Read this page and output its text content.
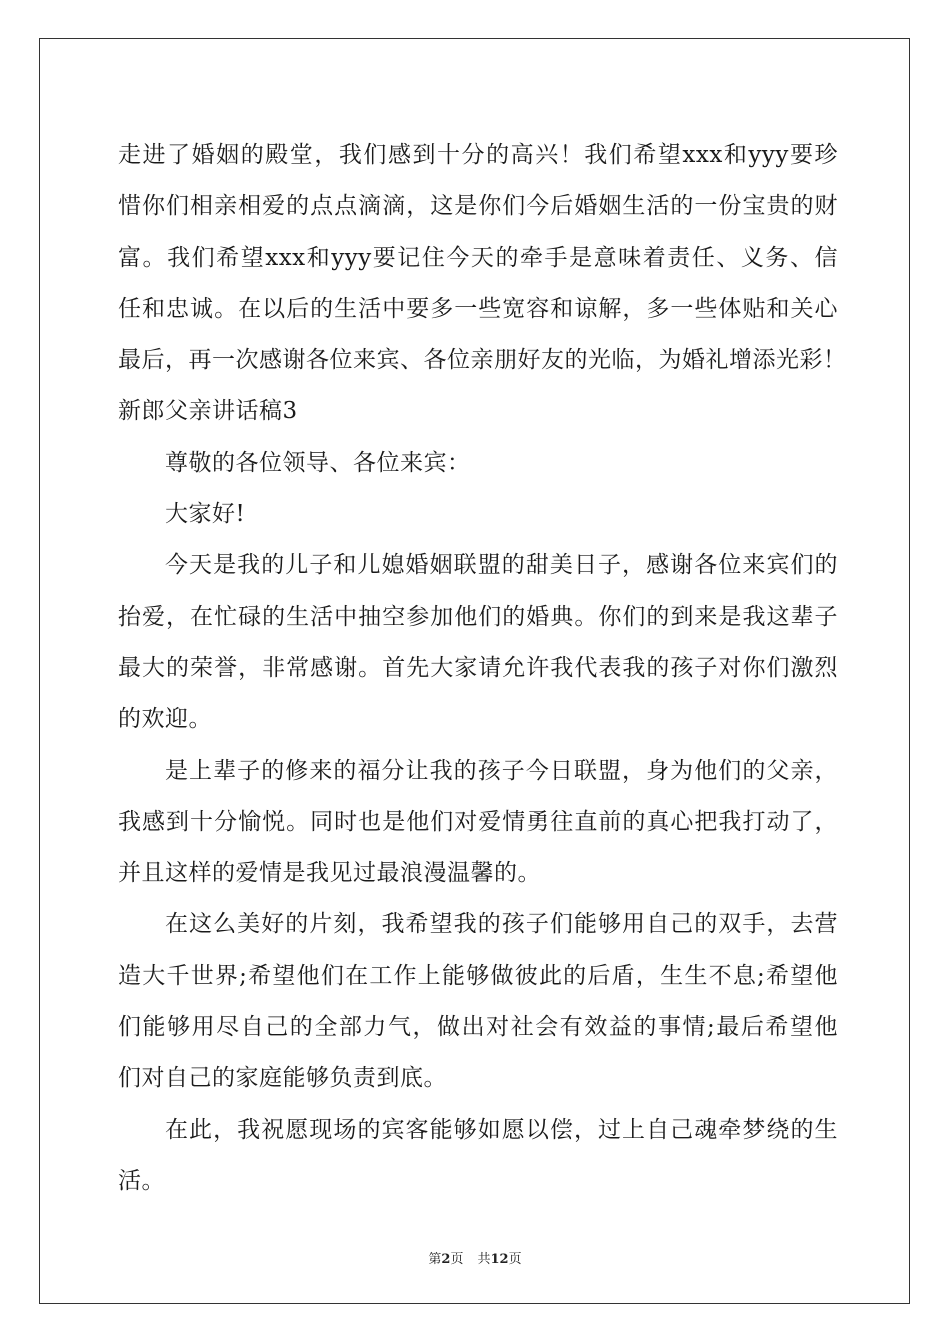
走进了婚姻的殿堂，我们感到十分的高兴！我们希望xxx和yyy要珍
惜你们相亲相爱的点点滴滴，这是你们今后婚姻生活的一份宝贵的财
富。我们希望xxx和yyy要记住今天的牵手是意味着责任、义务、信
任和忠诚。在以后的生活中要多一些宽容和谅解，多一些体贴和关心
最后，再一次感谢各位来宾、各位亲朋好友的光临，为婚礼增添光彩！
新郎父亲讲话稿3
尊敬的各位领导、各位来宾：
大家好!
今天是我的儿子和儿媳婚姻联盟的甜美日子，感谢各位来宾们的
抬爱，在忙碌的生活中抽空参加他们的婚典。你们的到来是我这辈子
最大的荣誉，非常感谢。首先大家请允许我代表我的孩子对你们激烈
的欢迎。
是上辈子的修来的福分让我的孩子今日联盟，身为他们的父亲，
我感到十分愉悦。同时也是他们对爱情勇往直前的真心把我打动了，
并且这样的爱情是我见过最浪漫温馨的。
在这么美好的片刻，我希望我的孩子们能够用自己的双手，去营
造大千世界;希望他们在工作上能够做彼此的后盾，生生不息;希望他
们能够用尽自己的全部力气，做出对社会有效益的事情;最后希望他
们对自己的家庭能够负责到底。
在此，我祝愿现场的宾客能够如愿以偿，过上自己魂牵梦绕的生
活。
第2页 共12页
